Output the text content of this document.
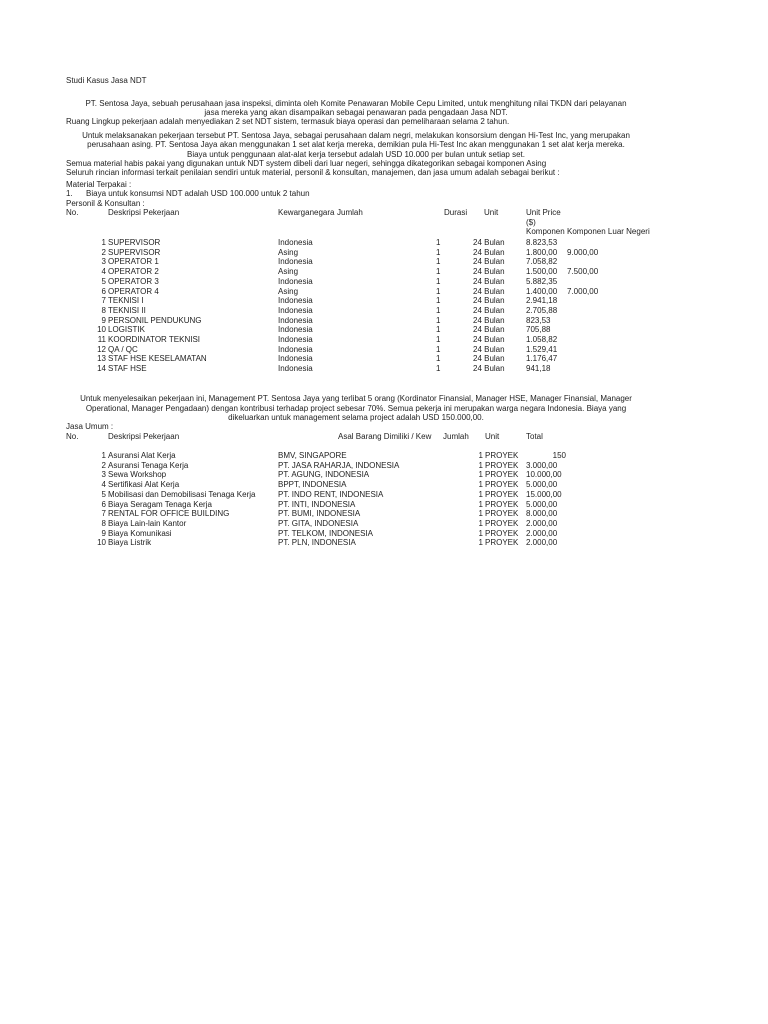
Studi Kasus Jasa NDT
PT. Sentosa Jaya, sebuah perusahaan jasa inspeksi, diminta oleh Komite Penawaran Mobile Cepu Limited, untuk menghitung nilai TKDN dari pelayanan
jasa mereka yang akan disampaikan sebagai penawaran pada pengadaan Jasa NDT.
Ruang Lingkup pekerjaan adalah menyediakan 2 set NDT sistem, termasuk biaya operasi dan pemeliharaan selama 2 tahun.
Untuk melaksanakan pekerjaan tersebut PT. Sentosa Jaya, sebagai perusahaan dalam negri, melakukan konsorsium dengan Hi-Test Inc, yang merupakan
perusahaan asing. PT. Sentosa Jaya akan menggunakan 1 set alat kerja mereka, demikian pula Hi-Test Inc akan menggunakan 1 set alat kerja mereka.
Biaya untuk penggunaan alat-alat kerja tersebut adalah USD 10.000 per bulan untuk setiap set.
Semua material habis pakai yang digunakan untuk NDT system dibeli dari luar negeri, sehingga dikategorikan sebagai komponen Asing
Seluruh rincian informasi terkait penilaian sendiri untuk material, personil & konsultan, manajemen, dan jasa umum adalah sebagai berikut :
Material Terpakai :
1. Biaya untuk konsumsi NDT adalah USD 100.000 untuk 2 tahun
Personil & Konsultan :
No.	Deskripsi Pekerjaan	Kewarganegara Jumlah	Durasi Unit	Unit Price
($)
Komponen Komponen Luar Negeri
1 SUPERVISOR	Indonesia	1	24 Bulan	8.823,53
2 SUPERVISOR	Asing	1	24 Bulan	1.800,00 9.000,00
3 OPERATOR 1	Indonesia	1	24 Bulan	7.058,82
4 OPERATOR 2	Asing	1	24 Bulan	1.500,00 7.500,00
5 OPERATOR 3	Indonesia	1	24 Bulan	5.882,35
6 OPERATOR 4	Asing	1	24 Bulan	1.400,00 7.000,00
7 TEKNISI I	Indonesia	1	24 Bulan	2.941,18
8 TEKNISI II	Indonesia	1	24 Bulan	2.705,88
9 PERSONIL PENDUKUNG	Indonesia	1	24 Bulan	823,53
10 LOGISTIK	Indonesia	1	24 Bulan	705,88
11 KOORDINATOR TEKNISI	Indonesia	1	24 Bulan	1.058,82
12 QA / QC	Indonesia	1	24 Bulan	1.529,41
13 STAF HSE KESELAMATAN	Indonesia	1	24 Bulan	1.176,47
14 STAF HSE	Indonesia	1	24 Bulan	941,18
Untuk menyelesaikan pekerjaan ini, Management PT. Sentosa Jaya yang terlibat 5 orang (Kordinator Finansial, Manager HSE, Manager Finansial, Manager
Operational, Manager Pengadaan) dengan kontribusi terhadap project sebesar 70%. Semua pekerja ini merupakan warga negara Indonesia. Biaya yang
dikeluarkan untuk management selama project adalah USD 150.000,00.
Jasa Umum :
No.	Deskripsi Pekerjaan	Asal Barang Dimiliki / Kew Jumlah Unit	Total
1 Asuransi Alat Kerja	BMV, SINGAPORE	1 PROYEK	150
2 Asuransi Tenaga Kerja	PT. JASA RAHARJA, INDONESIA	1 PROYEK 3.000,00
3 Sewa Workshop	PT. AGUNG, INDONESIA	1 PROYEK 10.000,00
4 Sertifikasi Alat Kerja	BPPT, INDONESIA	1 PROYEK 5.000,00
5 Mobilisasi dan Demobilisasi Tenaga Kerja	PT. INDO RENT, INDONESIA	1 PROYEK 15.000,00
6 Biaya Seragam Tenaga Kerja	PT. INTI, INDONESIA	1 PROYEK 5.000,00
7 RENTAL FOR OFFICE BUILDING	PT. BUMI, INDONESIA	1 PROYEK 8.000,00
8 Biaya Lain-lain Kantor	PT. GITA, INDONESIA	1 PROYEK 2.000,00
9 Biaya Komunikasi	PT. TELKOM, INDONESIA	1 PROYEK 2.000,00
10 Biaya Listrik	PT. PLN, INDONESIA	1 PROYEK 2.000,00
